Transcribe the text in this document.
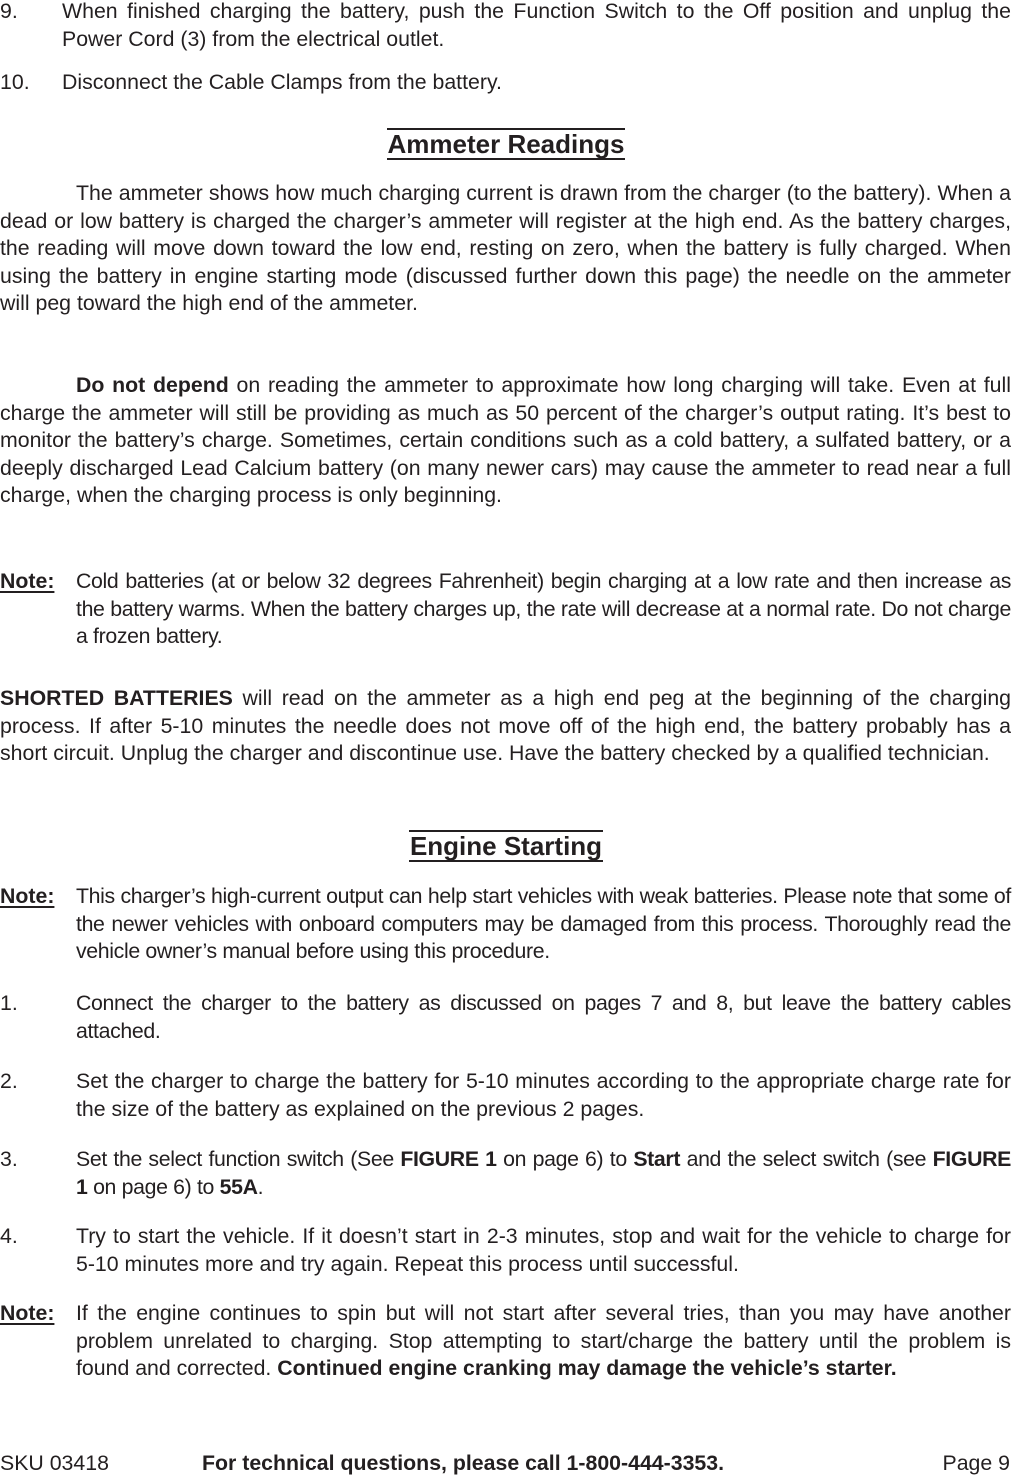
9.	When finished charging the battery, push the Function Switch to the Off position and unplug the Power Cord (3) from the electrical outlet.
10.	Disconnect the Cable Clamps from the battery.
Ammeter Readings

The ammeter shows how much charging current is drawn from the charger (to the battery). When a dead or low battery is charged the charger’s ammeter will register at the high end. As the battery charges, the reading will move down toward the low end, resting on zero, when the battery is fully charged. When using the battery in engine starting mode (discussed further down this page) the needle on the ammeter will peg toward the high end of the ammeter.

Do not depend on reading the ammeter to approximate how long charging will take. Even at full charge the ammeter will still be providing as much as 50 percent of the charger’s output rating. It’s best to monitor the battery’s charge. Sometimes, certain conditions such as a cold battery, a sulfated battery, or a deeply discharged Lead Calcium battery (on many newer cars) may cause the ammeter to read near a full charge, when the charging process is only beginning.

Note:	Cold batteries (at or below 32 degrees Fahrenheit) begin charging at a low rate and then increase as the battery warms. When the battery charges up, the rate will decrease at a normal rate. Do not charge a frozen battery.

SHORTED BATTERIES will read on the ammeter as a high end peg at the beginning of the charging process. If after 5-10 minutes the needle does not move off of the high end, the battery probably has a short circuit. Unplug the charger and discontinue use. Have the battery checked by a qualified technician.

Engine Starting
Note:	This charger’s high-current output can help start vehicles with weak batteries. Please note that some of the newer vehicles with onboard computers may be damaged from this process. Thoroughly read the vehicle owner’s manual before using this procedure.
1.	Connect the charger to the battery as discussed on pages 7 and 8, but leave the battery cables attached.
2.	Set the charger to charge the battery for 5-10 minutes according to the appropriate charge rate for the size of the battery as explained on the previous 2 pages.
3.	Set the select function switch (See FIGURE 1 on page 6) to Start and the select switch (see FIGURE 1 on page 6) to 55A.
4.	Try to start the vehicle. If it doesn’t start in 2-3 minutes, stop and wait for the vehicle to charge for 5-10 minutes more and try again. Repeat this process until successful.
Note:	If the engine continues to spin but will not start after several tries, than you may have another problem unrelated to charging. Stop attempting to start/charge the battery until the problem is found and corrected. Continued engine cranking may damage the vehicle’s starter.
SKU 03418	For technical questions, please call 1-800-444-3353.	Page 9
